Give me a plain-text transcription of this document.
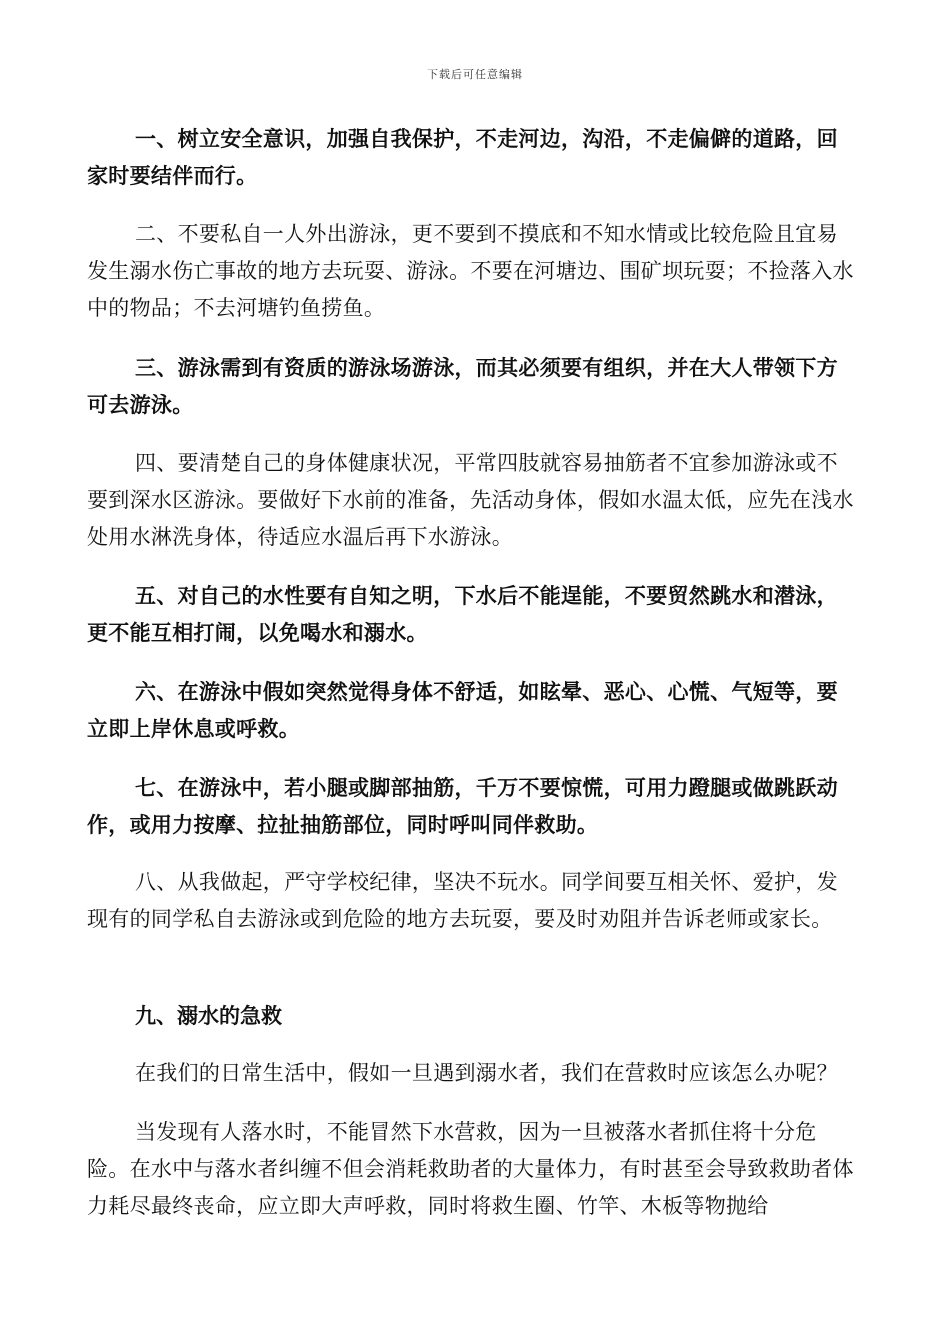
下载后可任意编辑

一、树立安全意识，加强自我保护，不走河边，沟沿，不走偏僻的道路，回家时要结伴而行。

二、不要私自一人外出游泳，更不要到不摸底和不知水情或比较危险且宜易发生溺水伤亡事故的地方去玩耍、游泳。不要在河塘边、围矿坝玩耍；不捡落入水中的物品；不去河塘钓鱼捞鱼。

三、游泳需到有资质的游泳场游泳，而其必须要有组织，并在大人带领下方可去游泳。

四、要清楚自己的身体健康状况，平常四肢就容易抽筋者不宜参加游泳或不要到深水区游泳。要做好下水前的准备，先活动身体，假如水温太低，应先在浅水处用水淋洗身体，待适应水温后再下水游泳。

五、对自己的水性要有自知之明，下水后不能逞能，不要贸然跳水和潜泳，更不能互相打闹，以免喝水和溺水。

六、在游泳中假如突然觉得身体不舒适，如眩晕、恶心、心慌、气短等，要立即上岸休息或呼救。

七、在游泳中，若小腿或脚部抽筋，千万不要惊慌，可用力蹬腿或做跳跃动作，或用力按摩、拉扯抽筋部位，同时呼叫同伴救助。

八、从我做起，严守学校纪律，坚决不玩水。同学间要互相关怀、爱护，发现有的同学私自去游泳或到危险的地方去玩耍，要及时劝阻并告诉老师或家长。

九、溺水的急救

在我们的日常生活中，假如一旦遇到溺水者，我们在营救时应该怎么办呢？

当发现有人落水时，不能冒然下水营救，因为一旦被落水者抓住将十分危险。在水中与落水者纠缠不但会消耗救助者的大量体力，有时甚至会导致救助者体力耗尽最终丧命，应立即大声呼救，同时将救生圈、竹竿、木板等物抛给
